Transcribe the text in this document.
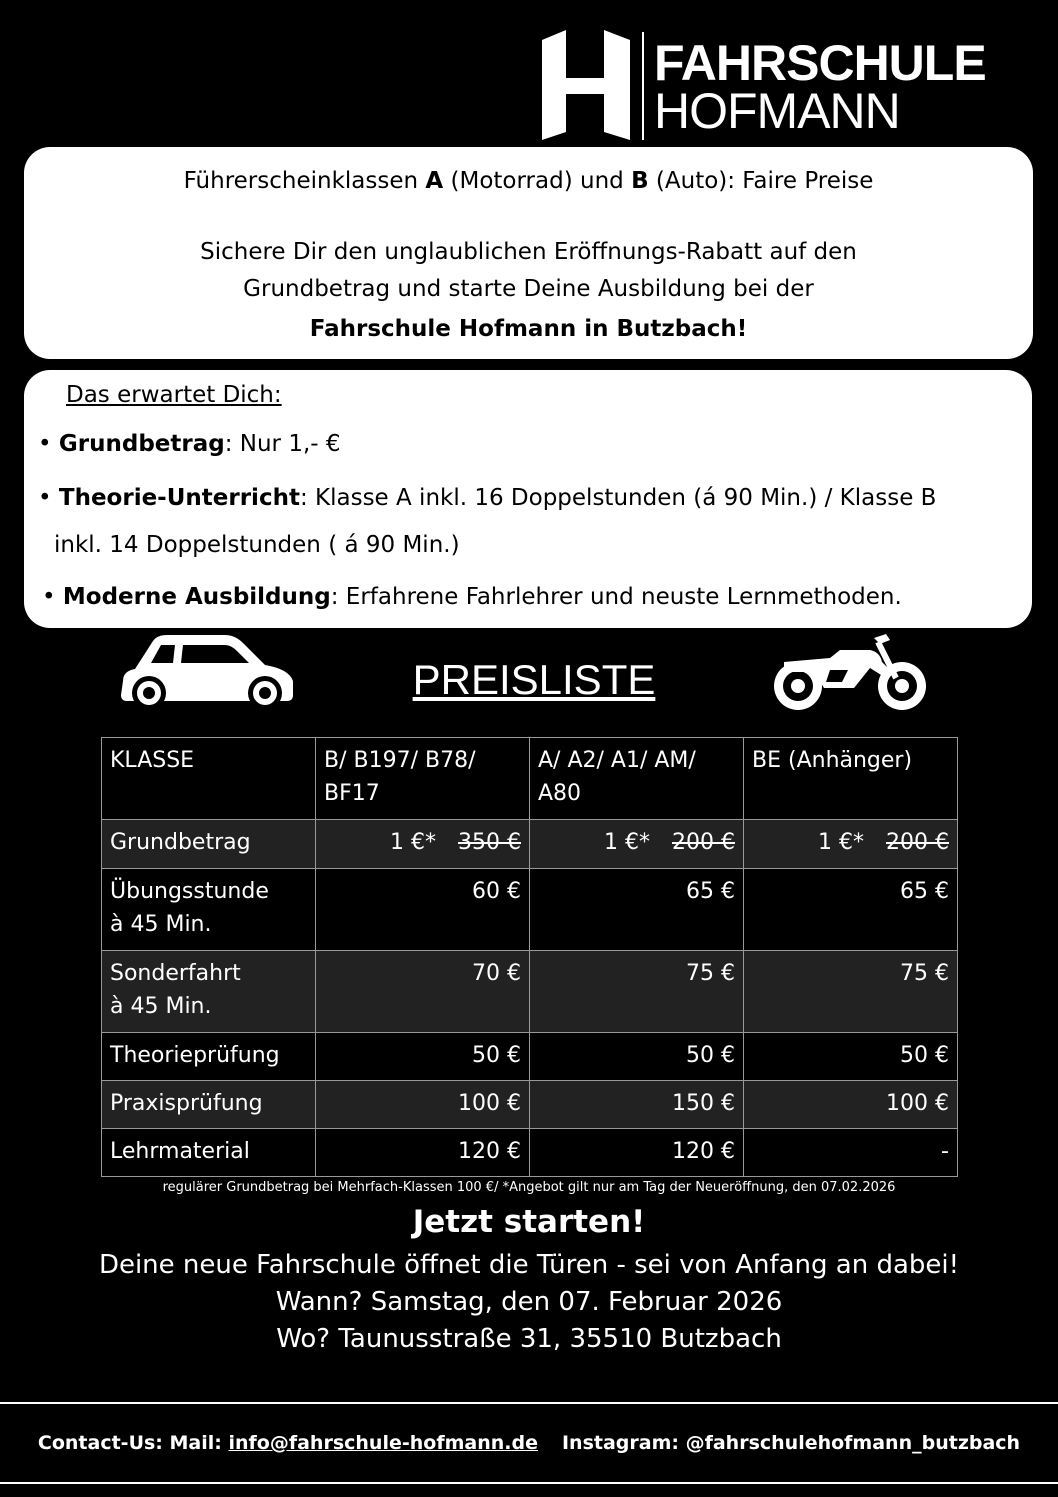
FAHRSCHULE
HOFMANN
Führerscheinklassen A (Motorrad) und B (Auto): Faire Preise
Sichere Dir den unglaublichen Eröffnungs-Rabatt auf den
Grundbetrag und starte Deine Ausbildung bei der
Fahrschule Hofmann in Butzbach!
Das erwartet Dich:
• Grundbetrag: Nur 1,- €
• Theorie-Unterricht: Klasse A inkl. 16 Doppelstunden (á 90 Min.) / Klasse B
inkl. 14 Doppelstunden ( á 90 Min.)
• Moderne Ausbildung: Erfahrene Fahrlehrer und neuste Lernmethoden.
PREISLISTE
KLASSE	B/ B197/ B78/ BF17	A/ A2/ A1/ AM/ A80	BE (Anhänger)
Grundbetrag	1 €* 350 €	1 €* 200 €	1 €* 200 €
Übungsstunde
à 45 Min.	60 €	65 €	65 €
Sonderfahrt
à 45 Min.	70 €	75 €	75 €
Theorieprüfung	50 €	50 €	50 €
Praxisprüfung	100 €	150 €	100 €
Lehrmaterial	120 €	120 €	-
regulärer Grundbetrag bei Mehrfach-Klassen 100 €/ *Angebot gilt nur am Tag der Neueröffnung, den 07.02.2026
Jetzt starten!
Deine neue Fahrschule öffnet die Türen - sei von Anfang an dabei!
Wann? Samstag, den 07. Februar 2026
Wo? Taunusstraße 31, 35510 Butzbach
Contact-Us: Mail: info@fahrschule-hofmann.de Instagram: @fahrschulehofmann_butzbach
